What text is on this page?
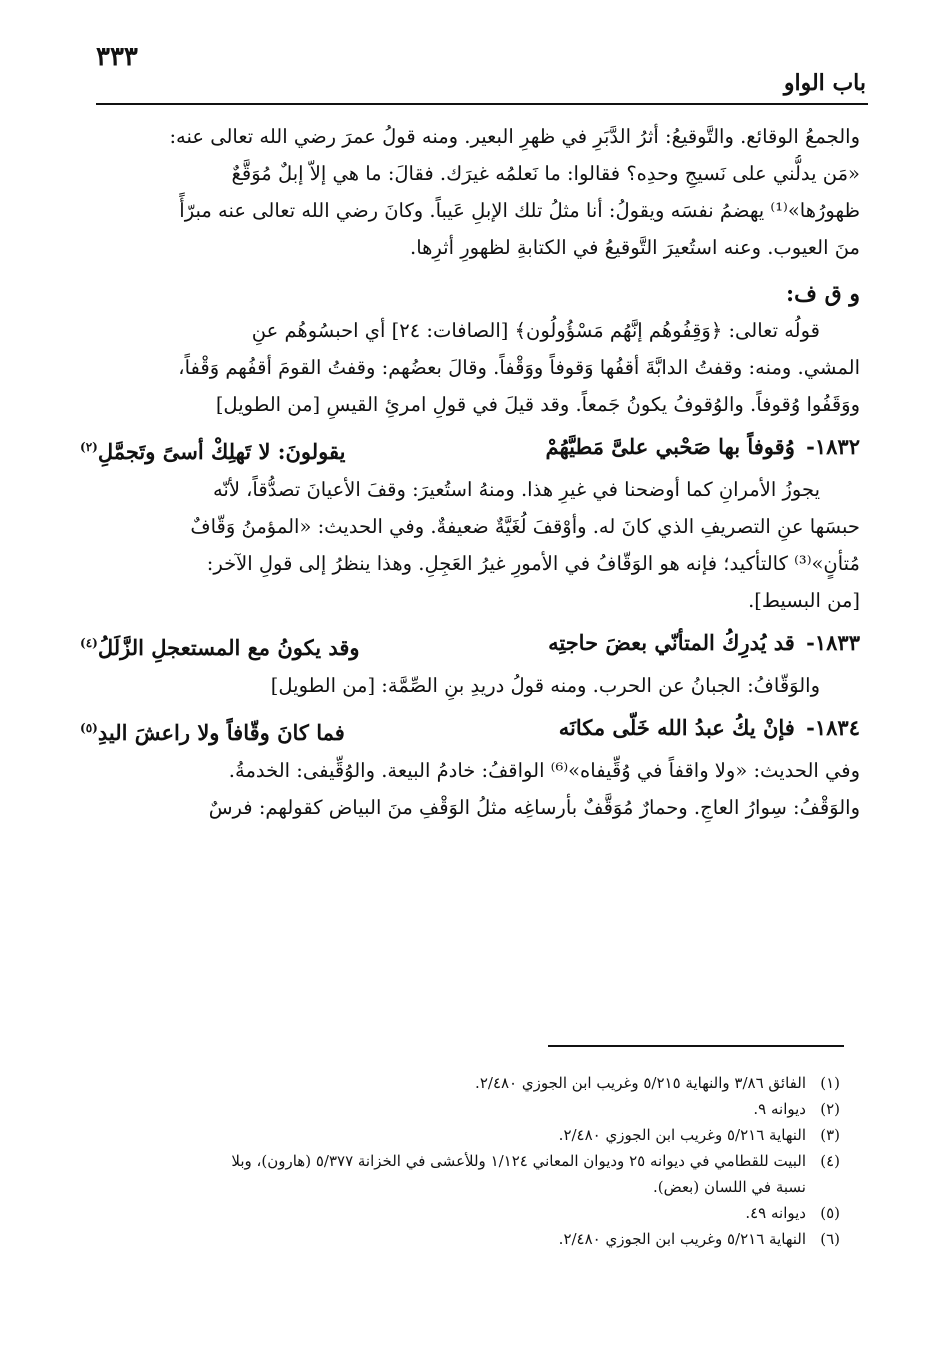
٣٣٣
باب الواو
والجمعُ الوقائع. والتَّوقيعُ: أثرُ الدَّبَرِ في ظهرِ البعير. ومنه قولُ عمرَ رضي الله تعالى عنه:
«مَن يدلُّني على نَسيجِ وحدِه؟ فقالوا: ما نَعلمُه غيرَك. فقالَ: ما هي إلاّ إبلٌ مُوَقَّعٌ
ظهورُها»⁽¹⁾ يهضمُ نفسَه ويقولُ: أنا مثلُ تلك الإبلِ عَيباً. وكانَ رضي الله تعالى عنه مبرّأً
منَ العيوب. وعنه استُعيرَ التَّوقيعُ في الكتابةِ لظهورِ أثرِها.
و ق ف:
قولُه تعالى: ﴿وَقِفُوهُم إنَّهُم مَسْؤُولُون﴾ [الصافات: ٢٤] أي احبسُوهُم عنِ
المشي. ومنه: وقفتُ الدابَّةَ أقفُها وَقوفاً ووَقْفاً. وقالَ بعضُهم: وقفتُ القومَ أقفُهم وَقْفاً،
ووَقَفُوا وُقوفاً. والوُقوفُ يكونُ جَمعاً. وقد قيلَ في قولِ امرئِ القيسِ [من الطويل]
١٨٣٢- وُقوفاً بها صَحْبي علىَّ مَطيَّهُمْ
يقولونَ: لا تَهلِكْ أسىً وتَجمَّلِ$^{(٢)}$
يجوزُ الأمرانِ كما أوضحنا في غيرِ هذا. ومنهُ استُعيرَ: وقفَ الأعيانَ تصدُّقاً، لأنّه
حبسَها عنِ التصريفِ الذي كانَ له. وأوْقفَ لُغَيَّةٌ ضعيفةٌ. وفي الحديث: «المؤمنُ وَقّافٌ
مُتأنٍ»⁽³⁾ كالتأكيد؛ فإنه هو الوَقّافُ في الأمورِ غيرُ العَجِلِ. وهذا ينظرُ إلى قولِ الآخر:
[من البسيط].
١٨٣٣- قد يُدرِكُ المتأنّي بعضَ حاجتِه
وقد يكونُ مع المستعجلِ الزَّلَلُ$^{(٤)}$
والوَقّافُ: الجبانُ عن الحرب. ومنه قولُ دريدِ بنِ الصِّمَّة: [من الطويل]
١٨٣٤- فإنْ يكُ عبدُ الله خَلّى مكانَه
فما كانَ وقّافاً ولا راعشَ اليدِ$^{(٥)}$
وفي الحديث: «ولا واقفاً في وُقِّيفاه»⁽⁶⁾ الواقفُ: خادمُ البيعة. والوُقِّيفى: الخدمةُ.
والوَقْفُ: سِوارُ العاجِ. وحمارٌ مُوَقَّفٌ بأرساغِه مثلُ الوَقْفِ منَ البياض كقولهم: فرسٌ
(١)الفائق ٣/٨٦ والنهاية ٥/٢١٥ وغريب ابن الجوزي ٢/٤٨٠.
(٢)ديوانه ٩.
(٣)النهاية ٥/٢١٦ وغريب ابن الجوزي ٢/٤٨٠.
(٤)البيت للقطامي في ديوانه ٢٥ وديوان المعاني ١/١٢٤ وللأعشى في الخزانة ٥/٣٧٧ (هارون)، وبلا
نسبة في اللسان (بعض).
(٥)ديوانه ٤٩.
(٦)النهاية ٥/٢١٦ وغريب ابن الجوزي ٢/٤٨٠.
